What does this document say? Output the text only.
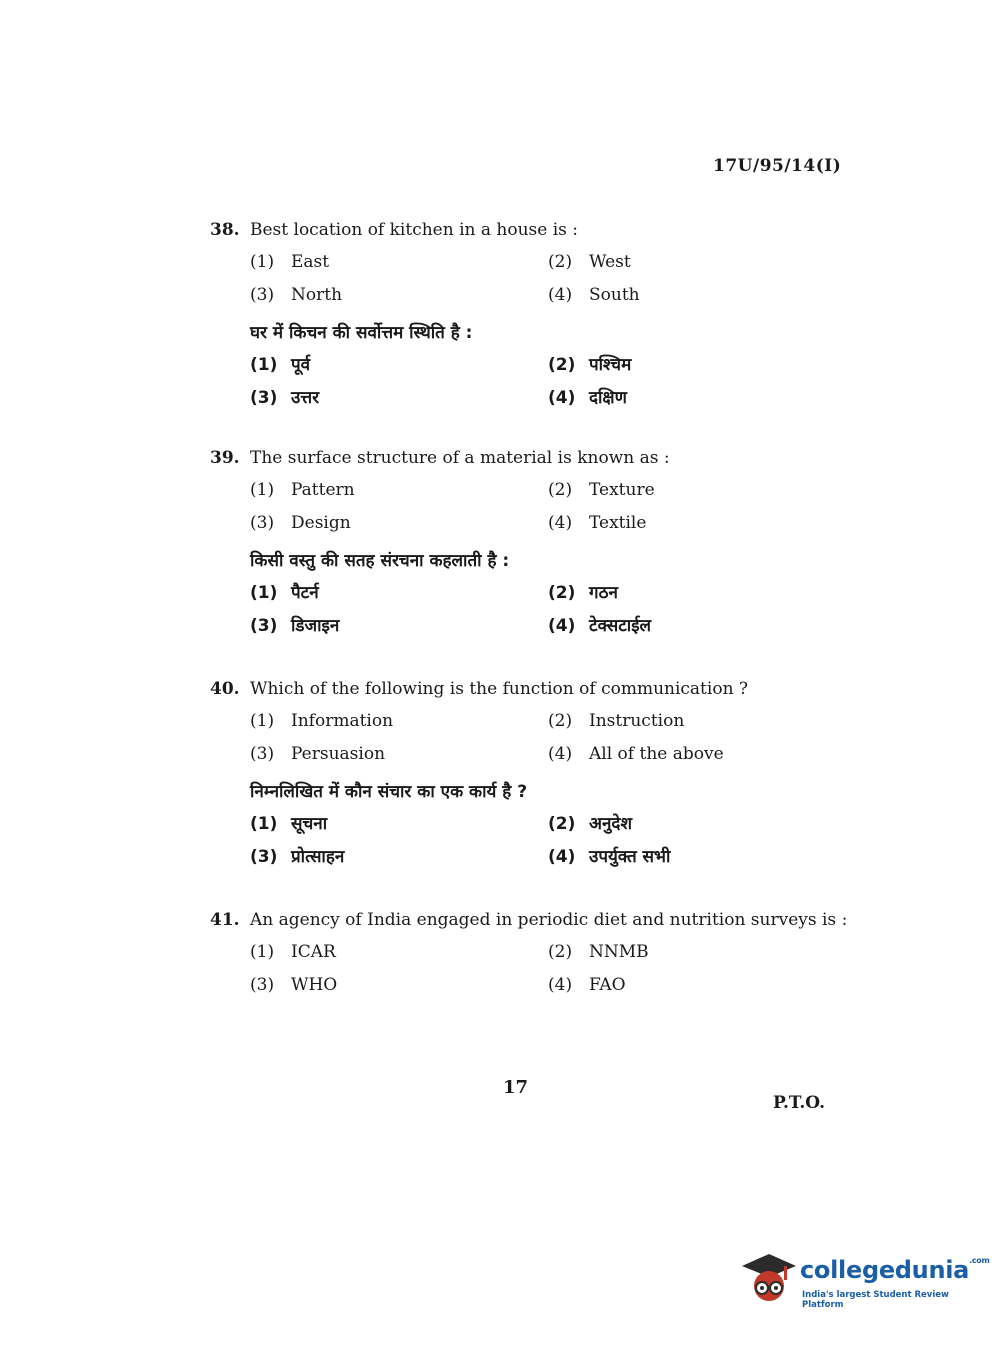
17U/95/14(I)
38. Best location of kitchen in a house is :
(1) East	(2) West
(3) North	(4) South
घर में किचन की सर्वोत्तम स्थिति है :
(1) पूर्व	(2) पश्चिम
(3) उत्तर	(4) दक्षिण
39. The surface structure of a material is known as :
(1) Pattern	(2) Texture
(3) Design	(4) Textile
किसी वस्तु की सतह संरचना कहलाती है :
(1) पैटर्न	(2) गठन
(3) डिजाइन	(4) टेक्सटाईल
40. Which of the following is the function of communication ?
(1) Information	(2) Instruction
(3) Persuasion	(4) All of the above
निम्नलिखित में कौन संचार का एक कार्य है ?
(1) सूचना	(2) अनुदेश
(3) प्रोत्साहन	(4) उपर्युक्त सभी
41. An agency of India engaged in periodic diet and nutrition surveys is :
(1) ICAR	(2) NNMB
(3) WHO	(4) FAO
17
P.T.O.
collegedunia$^{.com}$
India's largest Student Review Platform
